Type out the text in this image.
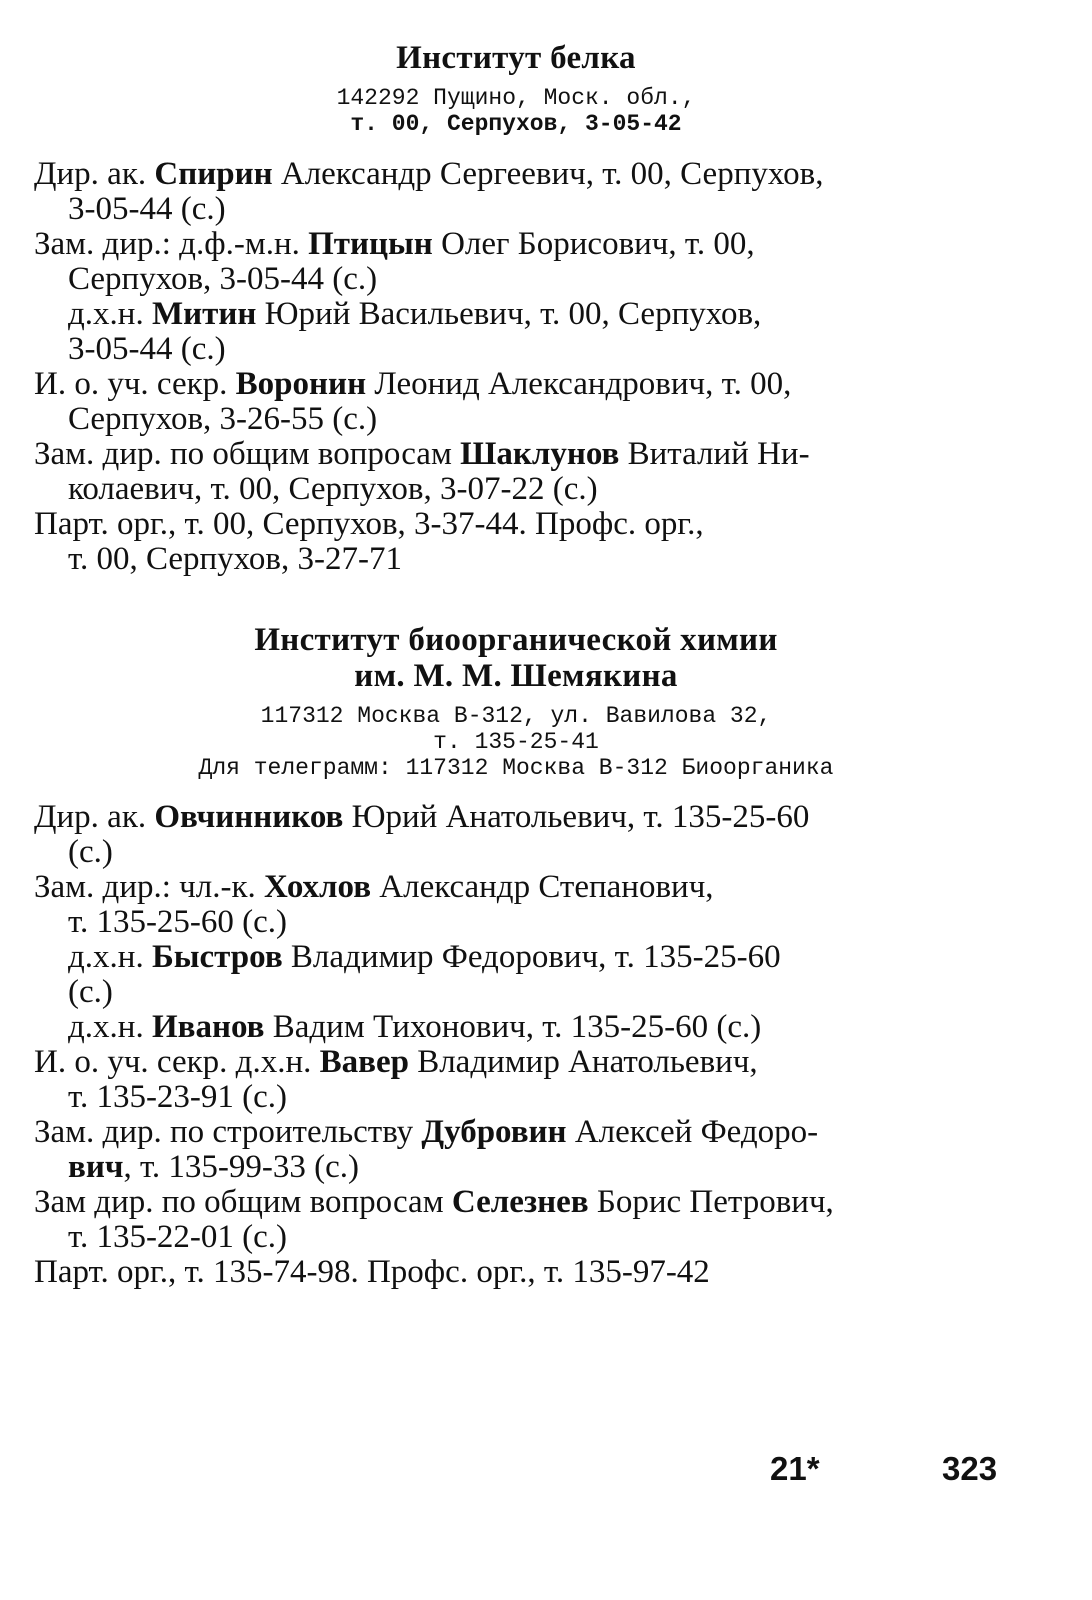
Институт белка
142292 Пущино, Моск. обл.,
т. 00, Серпухов, 3-05-42
Дир. ак. Спирин Александр Сергеевич, т. 00, Серпухов,
3-05-44 (с.)
Зам. дир.: д.ф.-м.н. Птицын Олег Борисович, т. 00,
Серпухов, 3-05-44 (с.)
д.х.н. Митин Юрий Васильевич, т. 00, Серпухов,
3-05-44 (с.)
И. о. уч. секр. Воронин Леонид Александрович, т. 00,
Серпухов, 3-26-55 (с.)
Зам. дир. по общим вопросам Шаклунов Виталий Ни-
колаевич, т. 00, Серпухов, 3-07-22 (с.)
Парт. орг., т. 00, Серпухов, 3-37-44. Профс. орг.,
т. 00, Серпухов, 3-27-71
Институт биоорганической химии
им. М. М. Шемякина
117312 Москва В-312, ул. Вавилова 32,
т. 135-25-41
Для телеграмм: 117312 Москва В-312 Биоорганика
Дир. ак. Овчинников Юрий Анатольевич, т. 135-25-60
(с.)
Зам. дир.: чл.-к. Хохлов Александр Степанович,
т. 135-25-60 (с.)
д.х.н. Быстров Владимир Федорович, т. 135-25-60
(с.)
д.х.н. Иванов Вадим Тихонович, т. 135-25-60 (с.)
И. о. уч. секр. д.х.н. Вавер Владимир Анатольевич,
т. 135-23-91 (с.)
Зам. дир. по строительству Дубровин Алексей Федоро-
вич, т. 135-99-33 (с.)
Зам дир. по общим вопросам Селезнев Борис Петрович,
т. 135-22-01 (с.)
Парт. орг., т. 135-74-98. Профс. орг., т. 135-97-42
21*	323
